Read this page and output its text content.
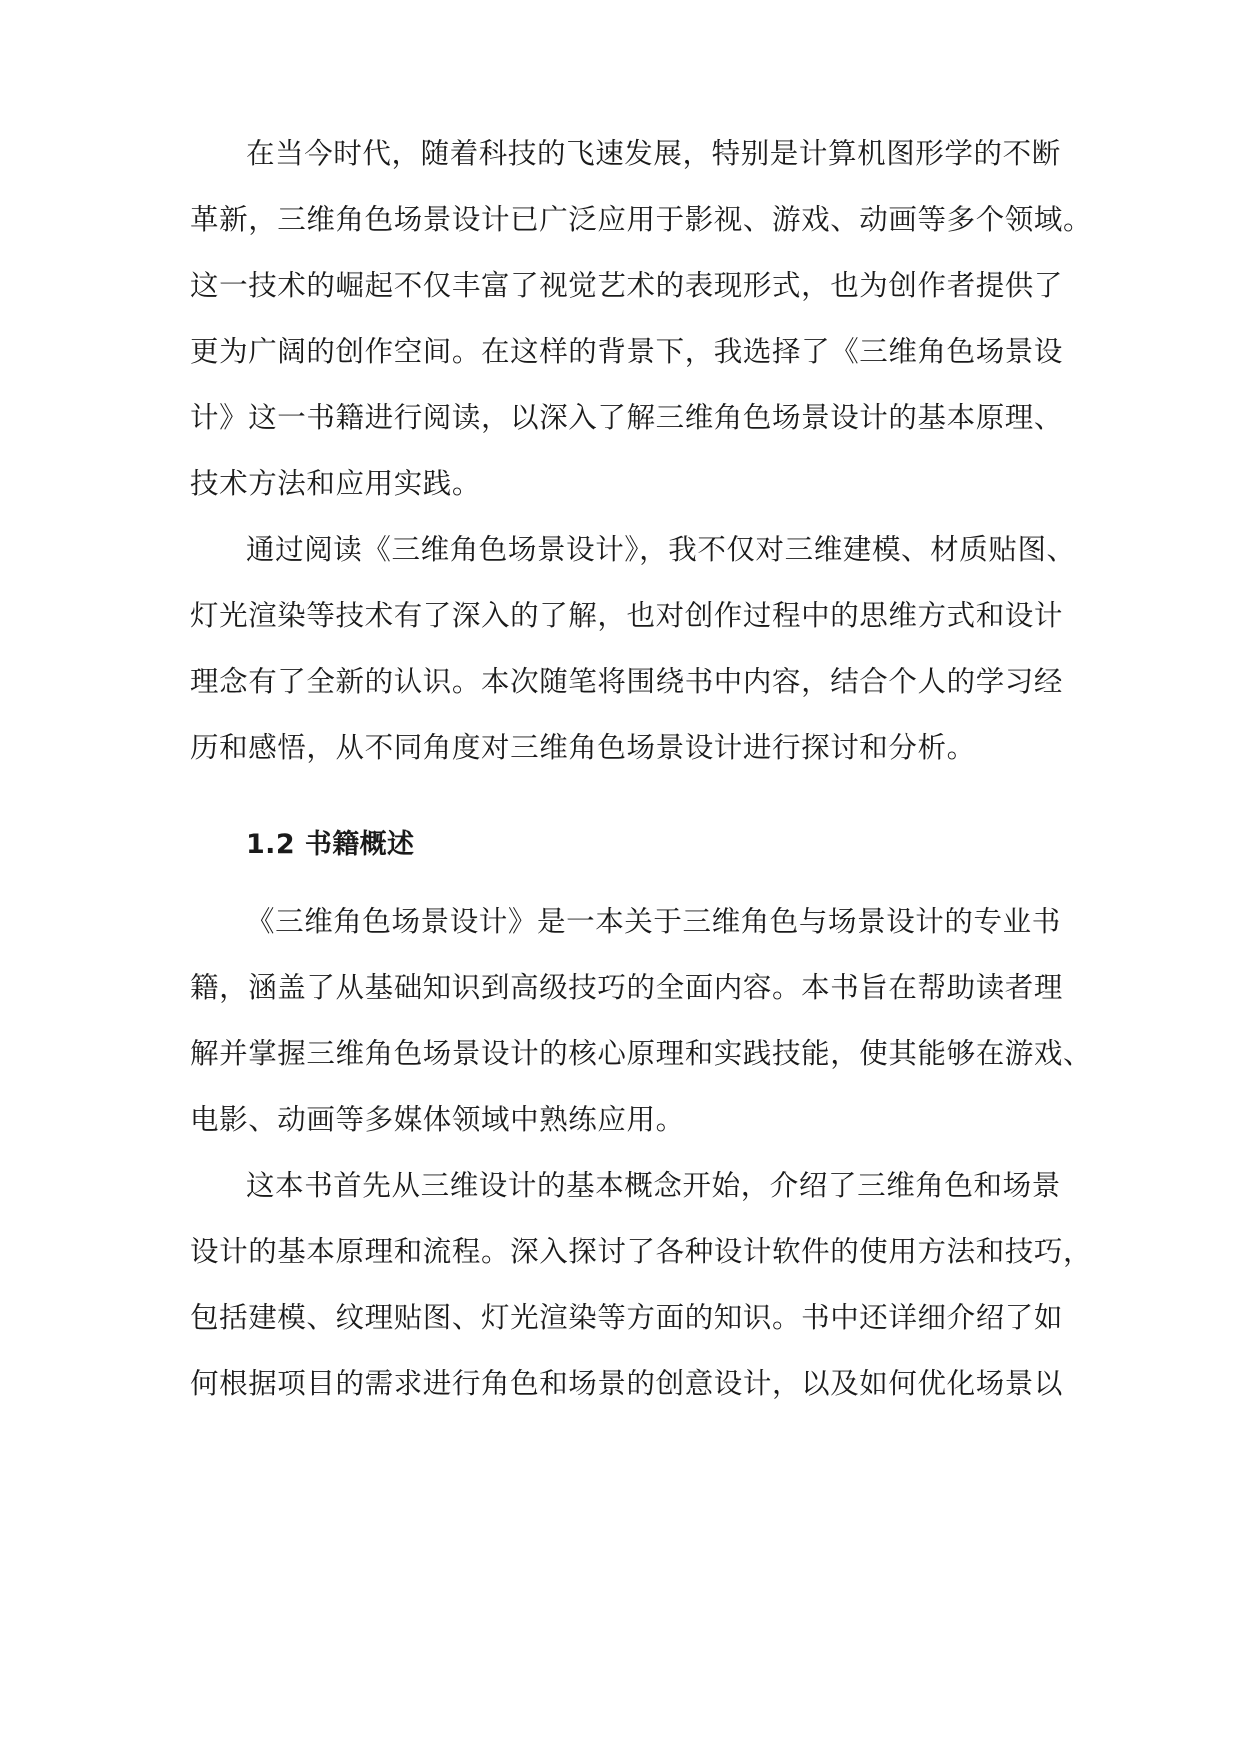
在当今时代，随着科技的飞速发展，特别是计算机图形学的不断
革新，三维角色场景设计已广泛应用于影视、游戏、动画等多个领域。
这一技术的崛起不仅丰富了视觉艺术的表现形式，也为创作者提供了
更为广阔的创作空间。在这样的背景下，我选择了《三维角色场景设
计》这一书籍进行阅读，以深入了解三维角色场景设计的基本原理、
技术方法和应用实践。
通过阅读《三维角色场景设计》，我不仅对三维建模、材质贴图、
灯光渲染等技术有了深入的了解，也对创作过程中的思维方式和设计
理念有了全新的认识。本次随笔将围绕书中内容，结合个人的学习经
历和感悟，从不同角度对三维角色场景设计进行探讨和分析。
1.2 书籍概述
《三维角色场景设计》是一本关于三维角色与场景设计的专业书
籍，涵盖了从基础知识到高级技巧的全面内容。本书旨在帮助读者理
解并掌握三维角色场景设计的核心原理和实践技能，使其能够在游戏、
电影、动画等多媒体领域中熟练应用。
这本书首先从三维设计的基本概念开始，介绍了三维角色和场景
设计的基本原理和流程。深入探讨了各种设计软件的使用方法和技巧，
包括建模、纹理贴图、灯光渲染等方面的知识。书中还详细介绍了如
何根据项目的需求进行角色和场景的创意设计，以及如何优化场景以
